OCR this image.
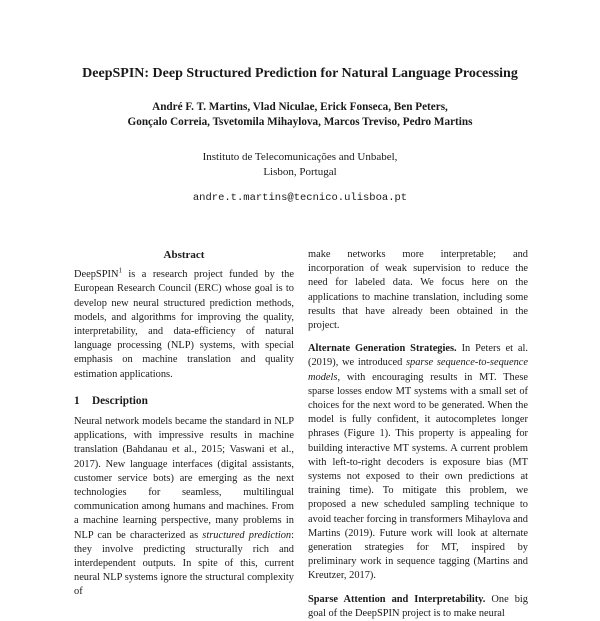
DeepSPIN: Deep Structured Prediction for Natural Language Processing
André F. T. Martins, Vlad Niculae, Erick Fonseca, Ben Peters,
Gonçalo Correia, Tsvetomila Mihaylova, Marcos Treviso, Pedro Martins
Instituto de Telecomunicações and Unbabel,
Lisbon, Portugal
andre.t.martins@tecnico.ulisboa.pt
Abstract

DeepSPIN$^1$ is a research project funded by the European Research Council (ERC) whose goal is to develop new neural structured prediction methods, models, and algorithms for improving the quality, interpretability, and data-efficiency of natural language processing (NLP) systems, with special emphasis on machine translation and quality estimation applications.

1 Description

Neural network models became the standard in NLP applications, with impressive results in machine translation (Bahdanau et al., 2015; Vaswani et al., 2017). New language interfaces (digital assistants, customer service bots) are emerging as the next technologies for seamless, multilingual communication among humans and machines. From a machine learning perspective, many problems in NLP can be characterized as structured prediction: they involve predicting structurally rich and interdependent outputs. In spite of this, current neural NLP systems ignore the structural complexity of

make networks more interpretable; and incorporation of weak supervision to reduce the need for labeled data. We focus here on the applications to machine translation, including some results that have already been obtained in the project.

Alternate Generation Strategies. In Peters et al. (2019), we introduced sparse sequence-to-sequence models, with encouraging results in MT. These sparse losses endow MT systems with a small set of choices for the next word to be generated. When the model is fully confident, it autocompletes longer phrases (Figure 1). This property is appealing for building interactive MT systems. A current problem with left-to-right decoders is exposure bias (MT systems not exposed to their own predictions at training time). To mitigate this problem, we proposed a new scheduled sampling technique to avoid teacher forcing in transformers Mihaylova and Martins (2019). Future work will look at alternate generation strategies for MT, inspired by preliminary work in sequence tagging (Martins and Kreutzer, 2017).

Sparse Attention and Interpretability. One big goal of the DeepSPIN project is to make neural
